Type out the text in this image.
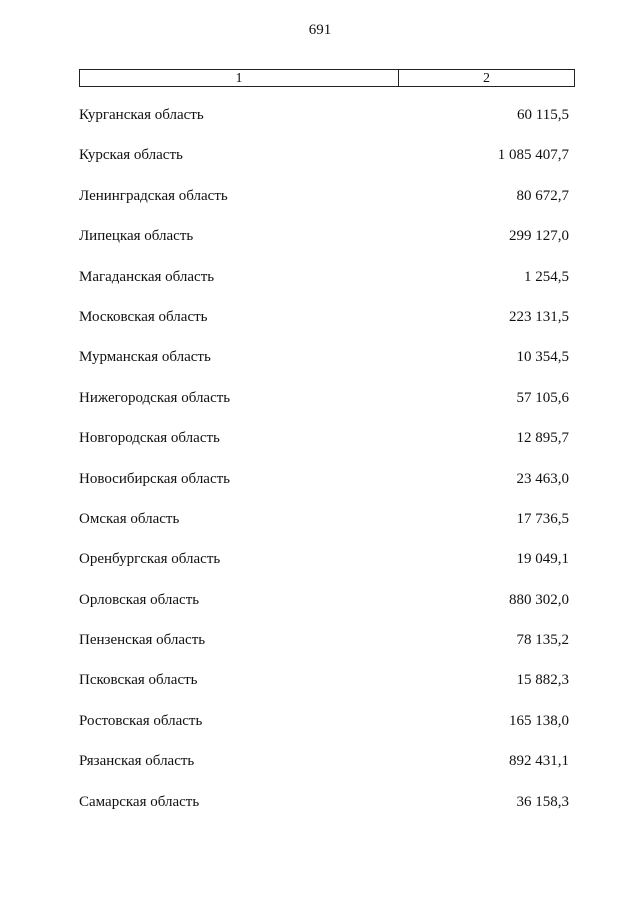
691
1	2
Курганская область	60 115,5
Курская область	1 085 407,7
Ленинградская область	80 672,7
Липецкая область	299 127,0
Магаданская область	1 254,5
Московская область	223 131,5
Мурманская область	10 354,5
Нижегородская область	57 105,6
Новгородская область	12 895,7
Новосибирская область	23 463,0
Омская область	17 736,5
Оренбургская область	19 049,1
Орловская область	880 302,0
Пензенская область	78 135,2
Псковская область	15 882,3
Ростовская область	165 138,0
Рязанская область	892 431,1
Самарская область	36 158,3
